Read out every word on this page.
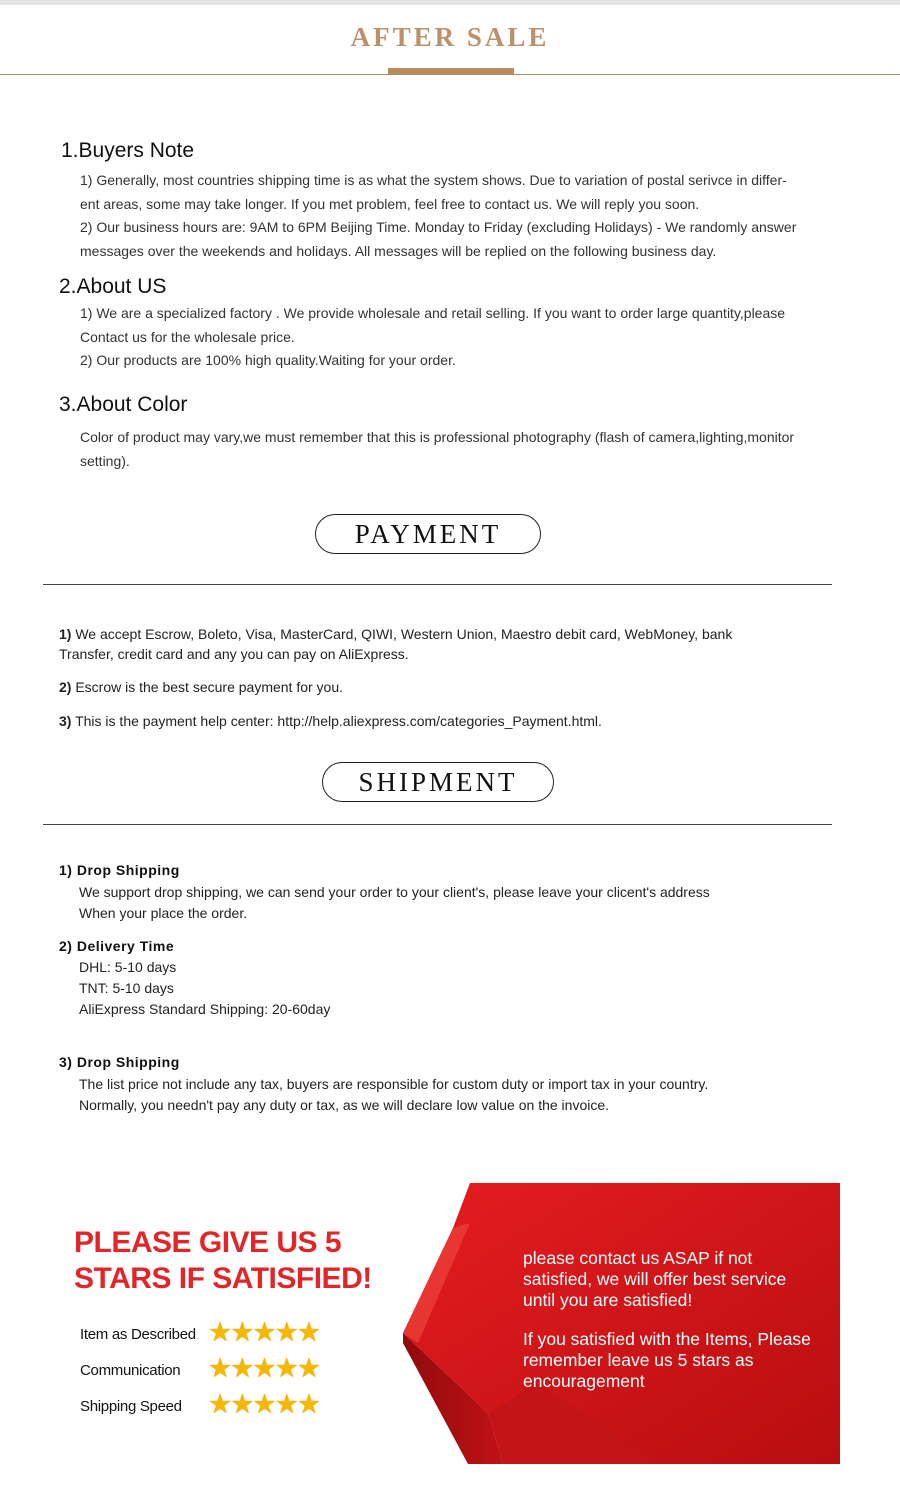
AFTER SALE
1.Buyers Note
1) Generally, most countries shipping time is as what the system shows. Due to variation of postal serivce in differ-
ent areas, some may take longer. If you met problem, feel free to contact us. We will reply you soon.
2) Our business hours are: 9AM to 6PM Beijing Time. Monday to Friday (excluding Holidays) - We randomly answer
messages over the weekends and holidays. All messages will be replied on the following business day.
2.About US
1) We are a specialized factory . We provide wholesale and retail selling. If you want to order large quantity,please
Contact us for the wholesale price.
2) Our products are 100% high quality.Waiting for your order.
3.About Color
Color of product may vary,we must remember that this is professional photography (flash of camera,lighting,monitor
setting).
PAYMENT
1) We accept Escrow, Boleto, Visa, MasterCard, QIWI, Western Union, Maestro debit card, WebMoney, bank
Transfer, credit card and any you can pay on AliExpress.
2) Escrow is the best secure payment for you.
3) This is the payment help center: http://help.aliexpress.com/categories_Payment.html.
SHIPMENT
1) Drop Shipping
We support drop shipping, we can send your order to your client's, please leave your clicent's address
When your place the order.
2) Delivery Time
DHL: 5-10 days
TNT: 5-10 days
AliExpress Standard Shipping: 20-60day
3) Drop Shipping
The list price not include any tax, buyers are responsible for custom duty or import tax in your country.
Normally, you needn't pay any duty or tax, as we will declare low value on the invoice.
PLEASE GIVE US 5
STARS IF SATISFIED!
Item as Described ★★★★★
Communication ★★★★★
Shipping Speed ★★★★★
please contact us ASAP if not
satisfied, we will offer best service
until you are satisfied!
If you satisfied with the Items, Please
remember leave us 5 stars as
encouragement
